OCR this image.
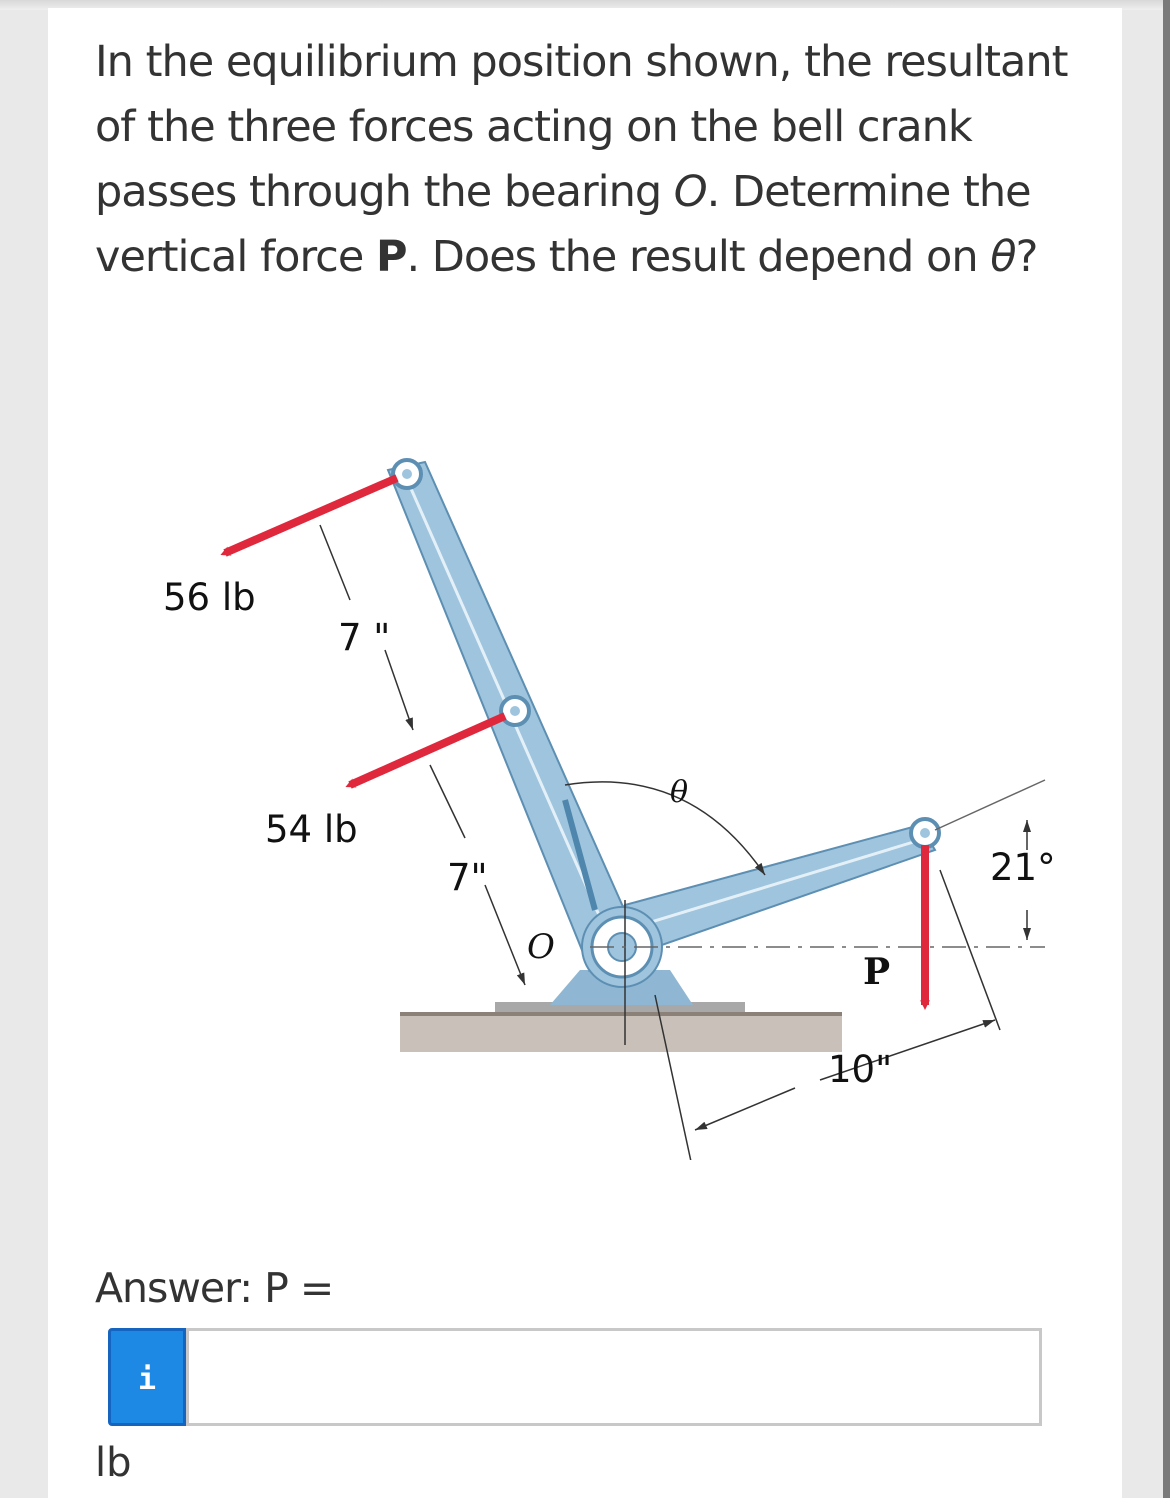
In the equilibrium position shown, the resultant of the three forces acting on the bell crank passes through the bearing O. Determine the vertical force P. Does the result depend on θ?

56 lb
7 "
54 lb
7"
θ
O
P
10"
21°
Answer: P =
i
lb
